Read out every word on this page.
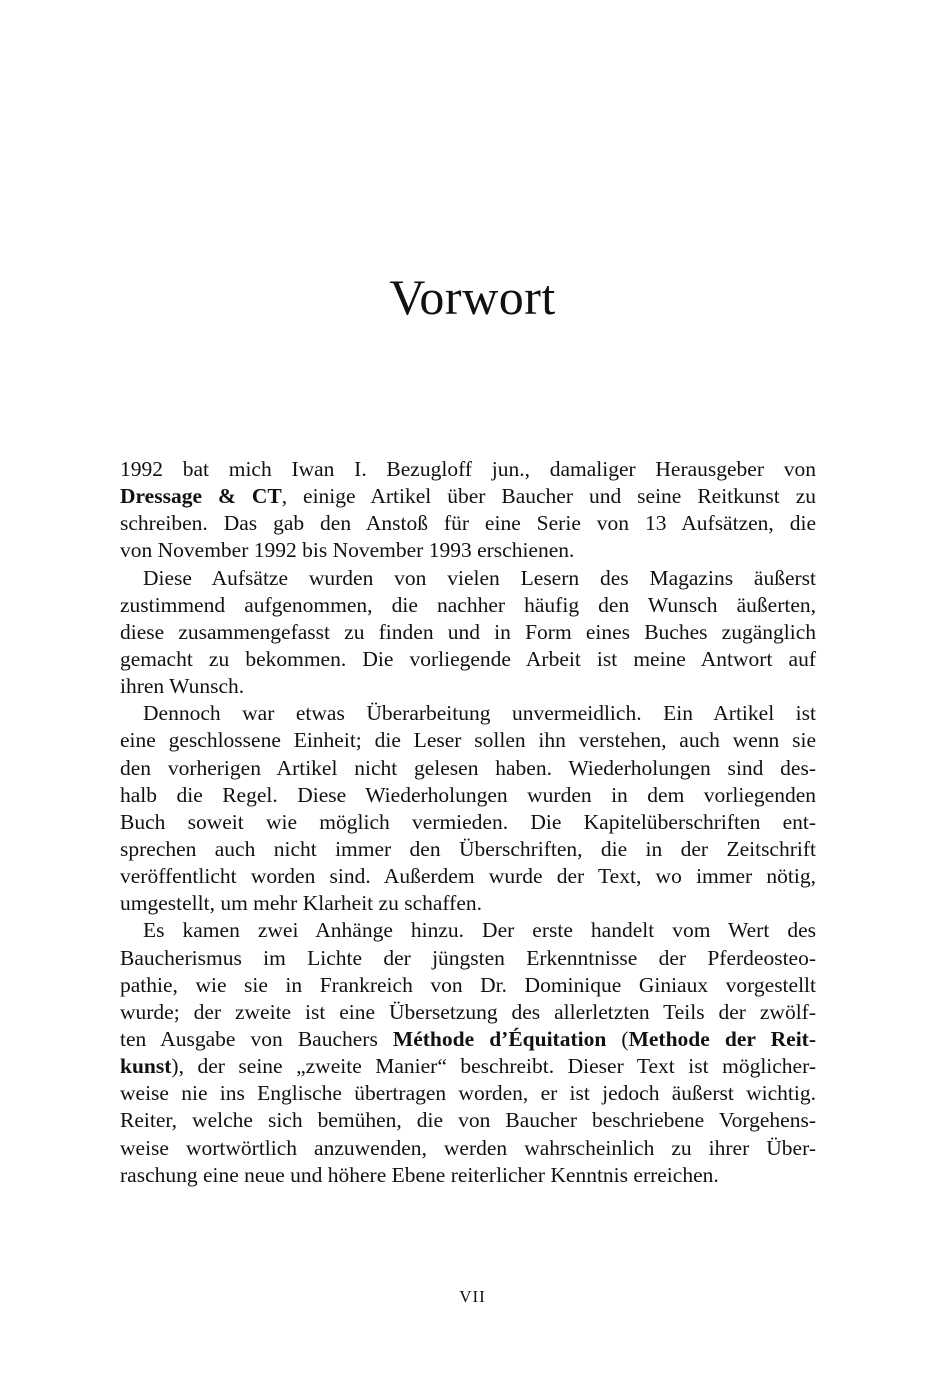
Vorwort
1992 bat mich Iwan I. Bezugloff jun., damaliger Herausgeber von
Dressage & CT, einige Artikel über Baucher und seine Reitkunst zu
schreiben. Das gab den Anstoß für eine Serie von 13 Aufsätzen, die
von November 1992 bis November 1993 erschienen.
Diese Aufsätze wurden von vielen Lesern des Magazins äußerst
zustimmend aufgenommen, die nachher häufig den Wunsch äußerten,
diese zusammengefasst zu finden und in Form eines Buches zugänglich
gemacht zu bekommen. Die vorliegende Arbeit ist meine Antwort auf
ihren Wunsch.
Dennoch war etwas Überarbeitung unvermeidlich. Ein Artikel ist
eine geschlossene Einheit; die Leser sollen ihn verstehen, auch wenn sie
den vorherigen Artikel nicht gelesen haben. Wiederholungen sind des-
halb die Regel. Diese Wiederholungen wurden in dem vorliegenden
Buch soweit wie möglich vermieden. Die Kapitelüberschriften ent-
sprechen auch nicht immer den Überschriften, die in der Zeitschrift
veröffentlicht worden sind. Außerdem wurde der Text, wo immer nötig,
umgestellt, um mehr Klarheit zu schaffen.
Es kamen zwei Anhänge hinzu. Der erste handelt vom Wert des
Baucherismus im Lichte der jüngsten Erkenntnisse der Pferdeosteo-
pathie, wie sie in Frankreich von Dr. Dominique Giniaux vorgestellt
wurde; der zweite ist eine Übersetzung des allerletzten Teils der zwölf-
ten Ausgabe von Bauchers Méthode d’Équitation (Methode der Reit-
kunst), der seine „zweite Manier“ beschreibt. Dieser Text ist möglicher-
weise nie ins Englische übertragen worden, er ist jedoch äußerst wichtig.
Reiter, welche sich bemühen, die von Baucher beschriebene Vorgehens-
weise wortwörtlich anzuwenden, werden wahrscheinlich zu ihrer Über-
raschung eine neue und höhere Ebene reiterlicher Kenntnis erreichen.
VII
